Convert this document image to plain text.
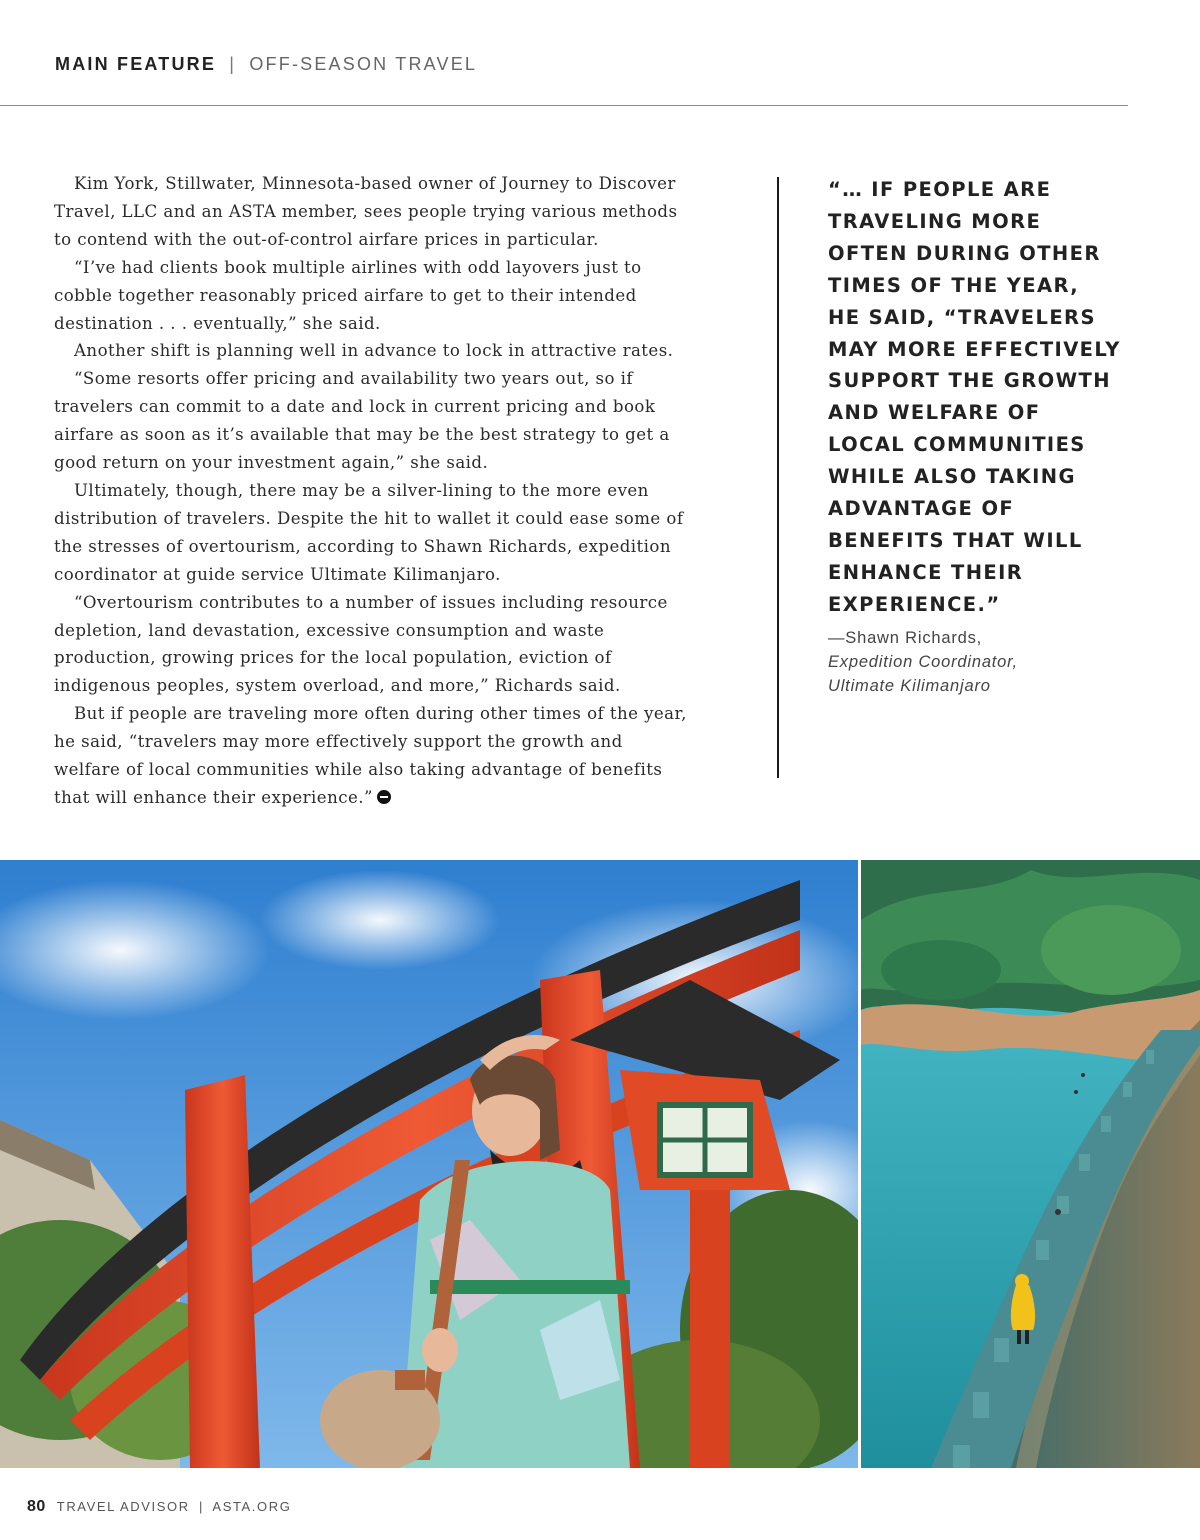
MAIN FEATURE | OFF-SEASON TRAVEL

Kim York, Stillwater, Minnesota-based owner of Journey to Discover Travel, LLC and an ASTA member, sees people trying various methods to contend with the out-of-control airfare prices in particular.

“I’ve had clients book multiple airlines with odd layovers just to cobble together reasonably priced airfare to get to their intended destination . . . eventually,” she said.

Another shift is planning well in advance to lock in attractive rates.

“Some resorts offer pricing and availability two years out, so if travelers can commit to a date and lock in current pricing and book airfare as soon as it’s available that may be the best strategy to get a good return on your investment again,” she said.

Ultimately, though, there may be a silver-lining to the more even distribution of travelers. Despite the hit to wallet it could ease some of the stresses of overtourism, according to Shawn Richards, expedition coordinator at guide service Ultimate Kilimanjaro.

“Overtourism contributes to a number of issues including resource depletion, land devastation, excessive consumption and waste production, growing prices for the local population, eviction of indigenous peoples, system overload, and more,” Richards said.

But if people are traveling more often during other times of the year, he said, “travelers may more effectively support the growth and welfare of local communities while also taking advantage of benefits that will enhance their experience.”

“… IF PEOPLE ARE
TRAVELING MORE
OFTEN DURING OTHER
TIMES OF THE YEAR,
HE SAID, “TRAVELERS
MAY MORE EFFECTIVELY
SUPPORT THE GROWTH
AND WELFARE OF
LOCAL COMMUNITIES
WHILE ALSO TAKING
ADVANTAGE OF
BENEFITS THAT WILL
ENHANCE THEIR
EXPERIENCE.”
—Shawn Richards,
Expedition Coordinator,
Ultimate Kilimanjaro
80 TRAVEL ADVISOR | ASTA.ORG
